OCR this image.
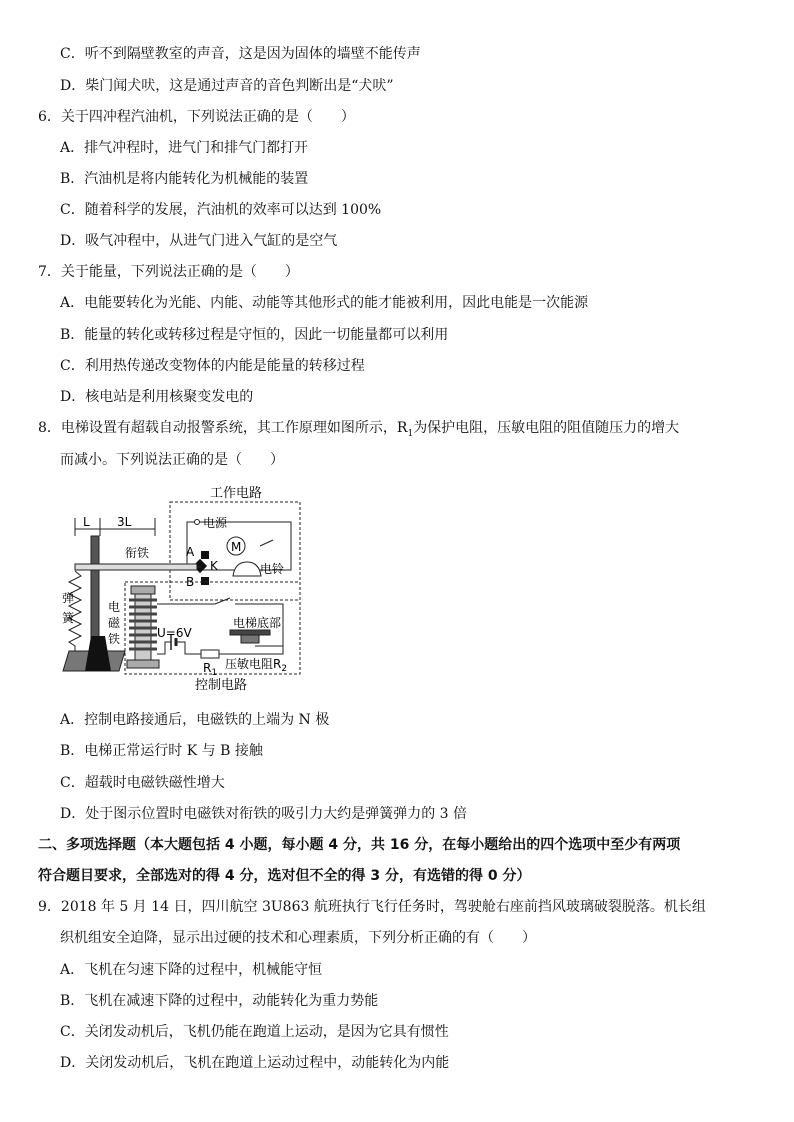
C．听不到隔壁教室的声音，这是因为固体的墙壁不能传声
D．柴门闻犬吠，这是通过声音的音色判断出是“犬吠”
6．关于四冲程汽油机，下列说法正确的是（　　）
A．排气冲程时，进气门和排气门都打开
B．汽油机是将内能转化为机械能的装置
C．随着科学的发展，汽油机的效率可以达到 100%
D．吸气冲程中，从进气门进入气缸的是空气
7．关于能量，下列说法正确的是（　　）
A．电能要转化为光能、内能、动能等其他形式的能才能被利用，因此电能是一次能源
B．能量的转化或转移过程是守恒的，因此一切能量都可以利用
C．利用热传递改变物体的内能是能量的转移过程
D．核电站是利用核聚变发电的
8．电梯设置有超载自动报警系统，其工作原理如图所示，$R_1$为保护电阻，压敏电阻的阻值随压力的增大
而减小。下列说法正确的是（　　）
工作电路
电源
M
电铃
A
B
K
L 3L
衔铁
弹
簧
电
磁
铁
控制电路
U=6V
电梯底部
$R_1$
压敏电阻$R_2$
A．控制电路接通后，电磁铁的上端为 N 极
B．电梯正常运行时 K 与 B 接触
C．超载时电磁铁磁性增大
D．处于图示位置时电磁铁对衔铁的吸引力大约是弹簧弹力的 3 倍
二、多项选择题（本大题包括 4 小题，每小题 4 分，共 16 分，在每小题给出的四个选项中至少有两项
符合题目要求，全部选对的得 4 分，选对但不全的得 3 分，有选错的得 0 分）
9．2018 年 5 月 14 日，四川航空 3U863 航班执行飞行任务时，驾驶舱右座前挡风玻璃破裂脱落。机长组
织机组安全迫降，显示出过硬的技术和心理素质，下列分析正确的有（　　）
A．飞机在匀速下降的过程中，机械能守恒
B．飞机在减速下降的过程中，动能转化为重力势能
C．关闭发动机后，飞机仍能在跑道上运动，是因为它具有惯性
D．关闭发动机后，飞机在跑道上运动过程中，动能转化为内能
